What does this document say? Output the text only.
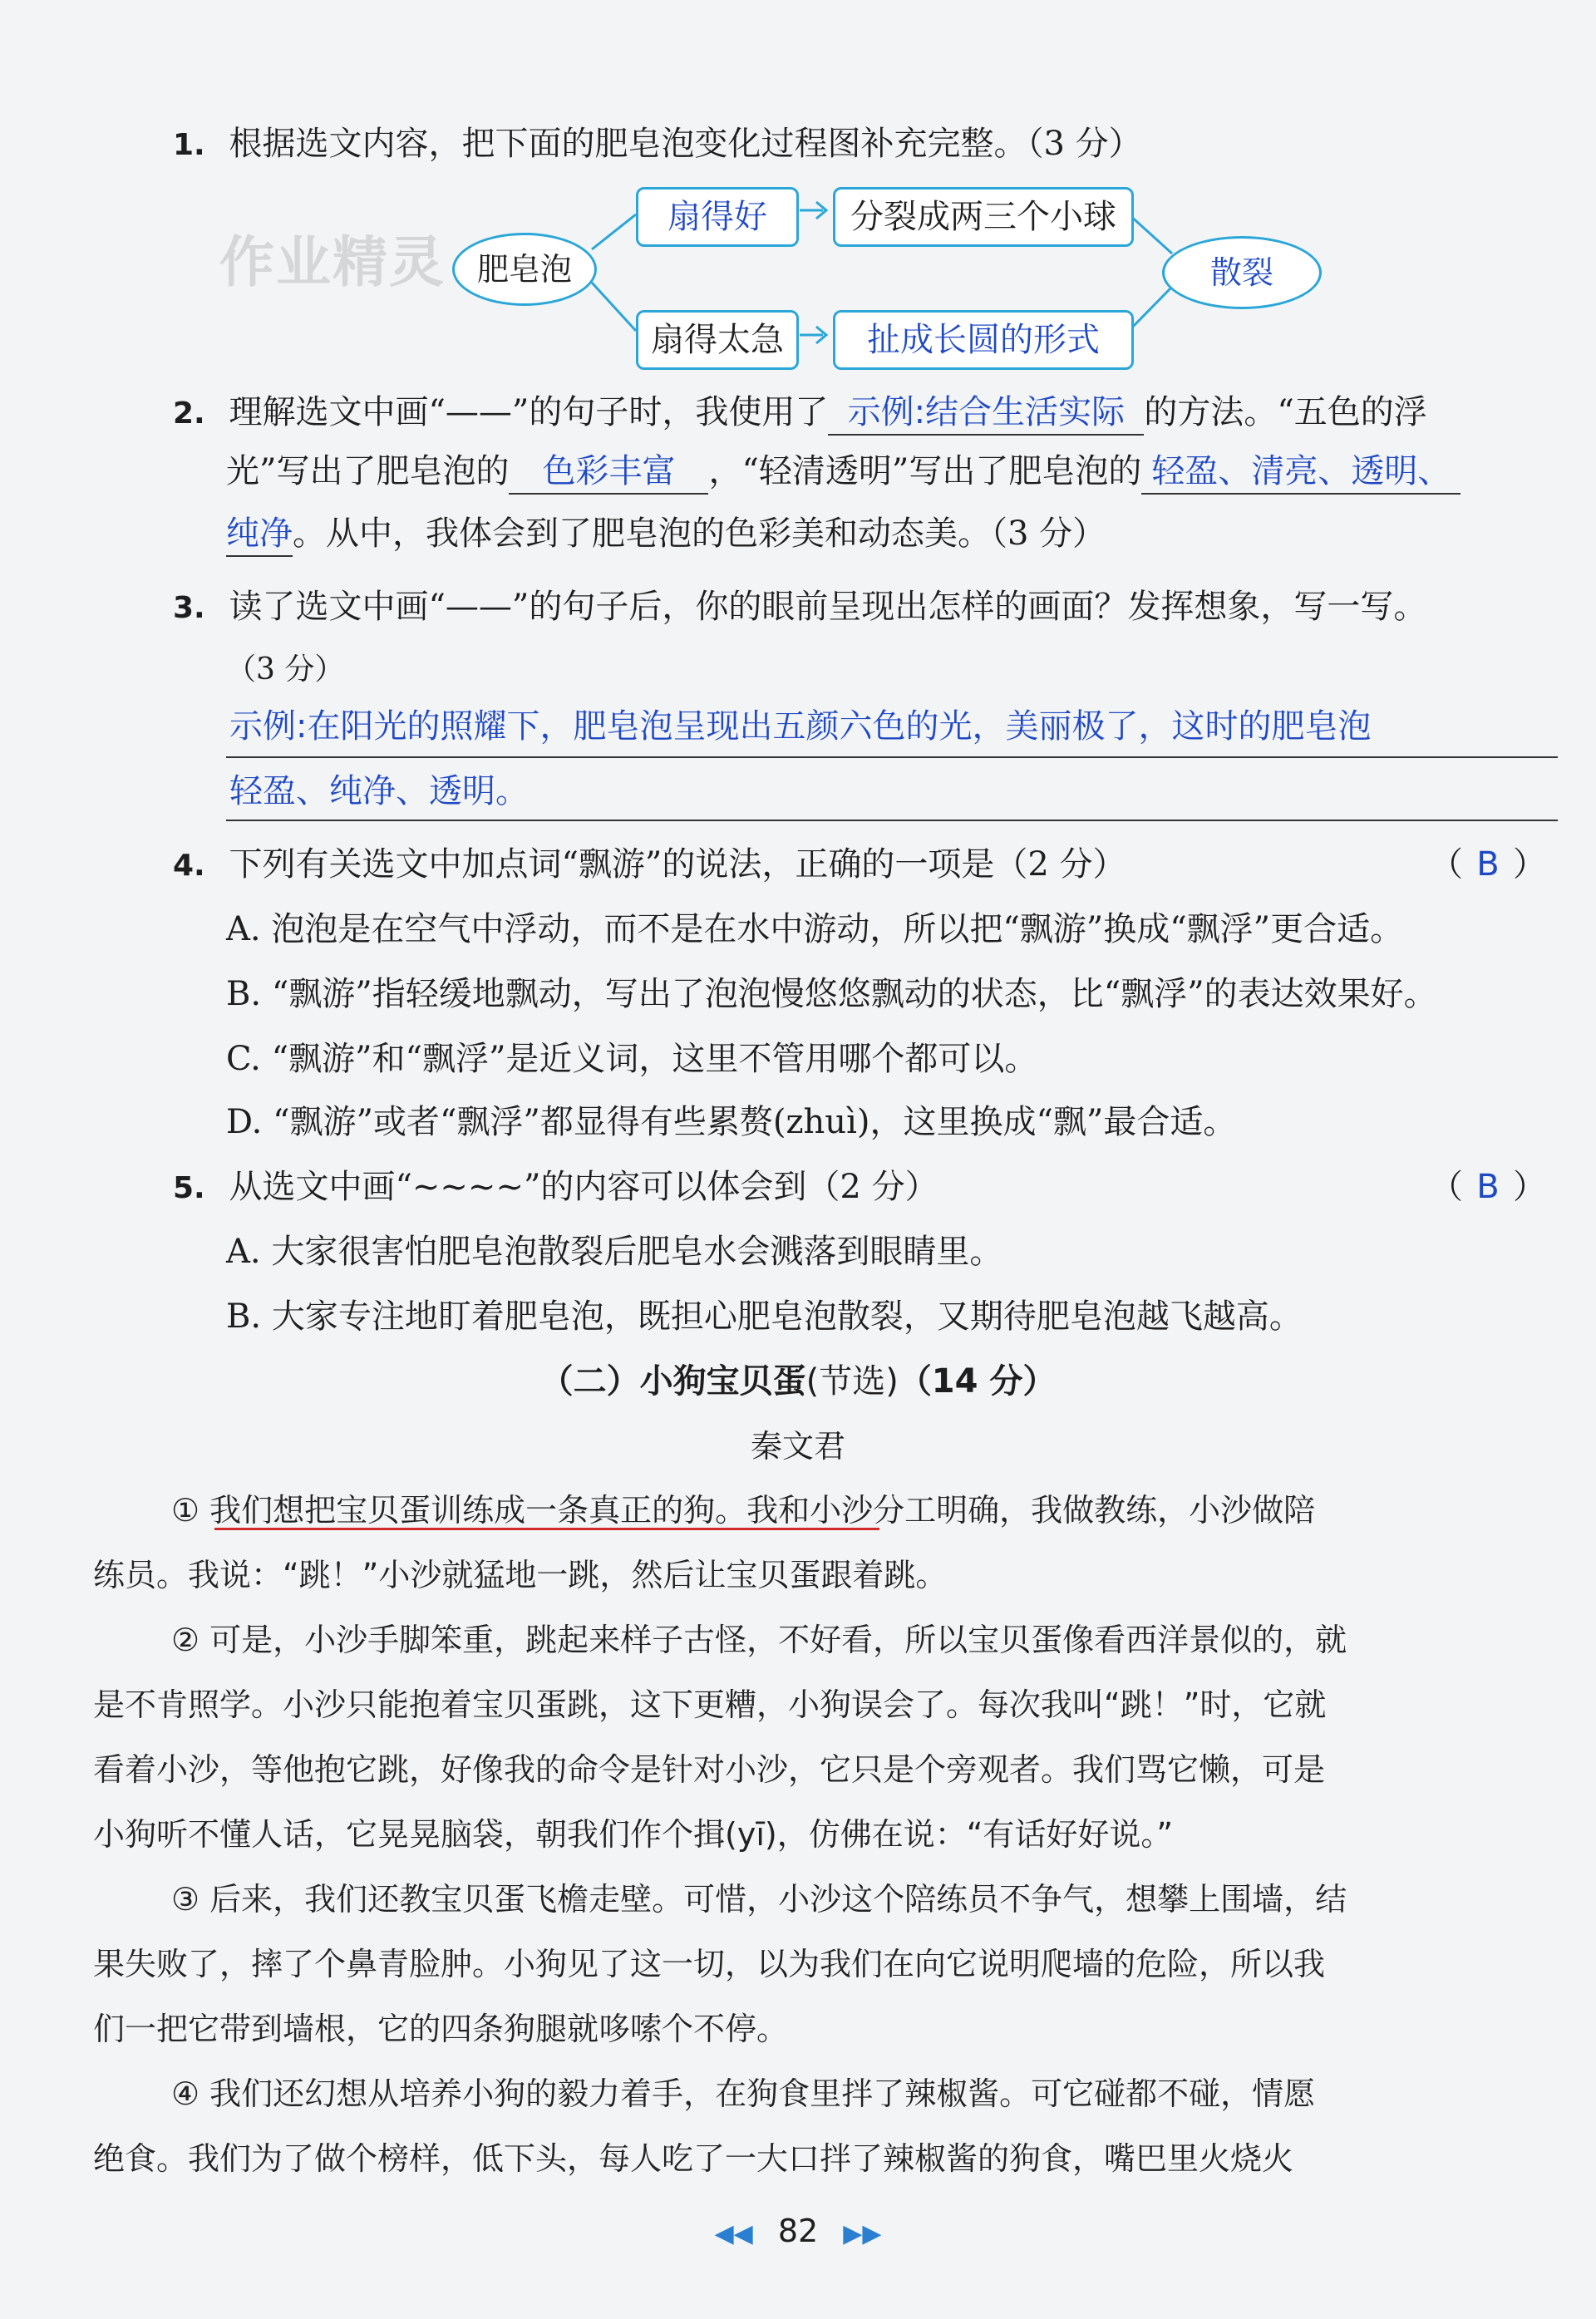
作业精灵
1. 根据选文内容，把下面的肥皂泡变化过程图补充完整。（3 分）
肥皂泡
扇得好	分裂成两三个小球
扇得太急	扯成长圆的形式
散裂
2. 理解选文中画“——”的句子时，我使用了 示例:结合生活实际 的方法。“五色的浮
光”写出了肥皂泡的 色彩丰富 ，“轻清透明”写出了肥皂泡的 轻盈、清亮、透明、
纯净。从中，我体会到了肥皂泡的色彩美和动态美。（3 分）
3. 读了选文中画“——”的句子后，你的眼前呈现出怎样的画面？发挥想象，写一写。
（3 分）
示例:在阳光的照耀下，肥皂泡呈现出五颜六色的光，美丽极了，这时的肥皂泡
轻盈、纯净、透明。
4. 下列有关选文中加点词“飘游”的说法，正确的一项是（2 分）	（ B ）
A. 泡泡是在空气中浮动，而不是在水中游动，所以把“飘游”换成“飘浮”更合适。
B. “飘游”指轻缓地飘动，写出了泡泡慢悠悠飘动的状态，比“飘浮”的表达效果好。
C. “飘游”和“飘浮”是近义词，这里不管用哪个都可以。
D. “飘游”或者“飘浮”都显得有些累赘(zhuì)，这里换成“飘”最合适。
5. 从选文中画“~~~~”的内容可以体会到（2 分）	（ B ）
A. 大家很害怕肥皂泡散裂后肥皂水会溅落到眼睛里。
B. 大家专注地盯着肥皂泡，既担心肥皂泡散裂，又期待肥皂泡越飞越高。
（二）小狗宝贝蛋(节选)（14 分）
秦文君
① 我们想把宝贝蛋训练成一条真正的狗。我和小沙分工明确，我做教练，小沙做陪
练员。我说：“跳！”小沙就猛地一跳，然后让宝贝蛋跟着跳。
② 可是，小沙手脚笨重，跳起来样子古怪，不好看，所以宝贝蛋像看西洋景似的，就
是不肯照学。小沙只能抱着宝贝蛋跳，这下更糟，小狗误会了。每次我叫“跳！”时，它就
看着小沙，等他抱它跳，好像我的命令是针对小沙，它只是个旁观者。我们骂它懒，可是
小狗听不懂人话，它晃晃脑袋，朝我们作个揖(yī)，仿佛在说：“有话好好说。”
③ 后来，我们还教宝贝蛋飞檐走壁。可惜，小沙这个陪练员不争气，想攀上围墙，结
果失败了，摔了个鼻青脸肿。小狗见了这一切，以为我们在向它说明爬墙的危险，所以我
们一把它带到墙根，它的四条狗腿就哆嗦个不停。
④ 我们还幻想从培养小狗的毅力着手，在狗食里拌了辣椒酱。可它碰都不碰，情愿
绝食。我们为了做个榜样，低下头，每人吃了一大口拌了辣椒酱的狗食，嘴巴里火烧火
◀◀ 82 ▶▶
